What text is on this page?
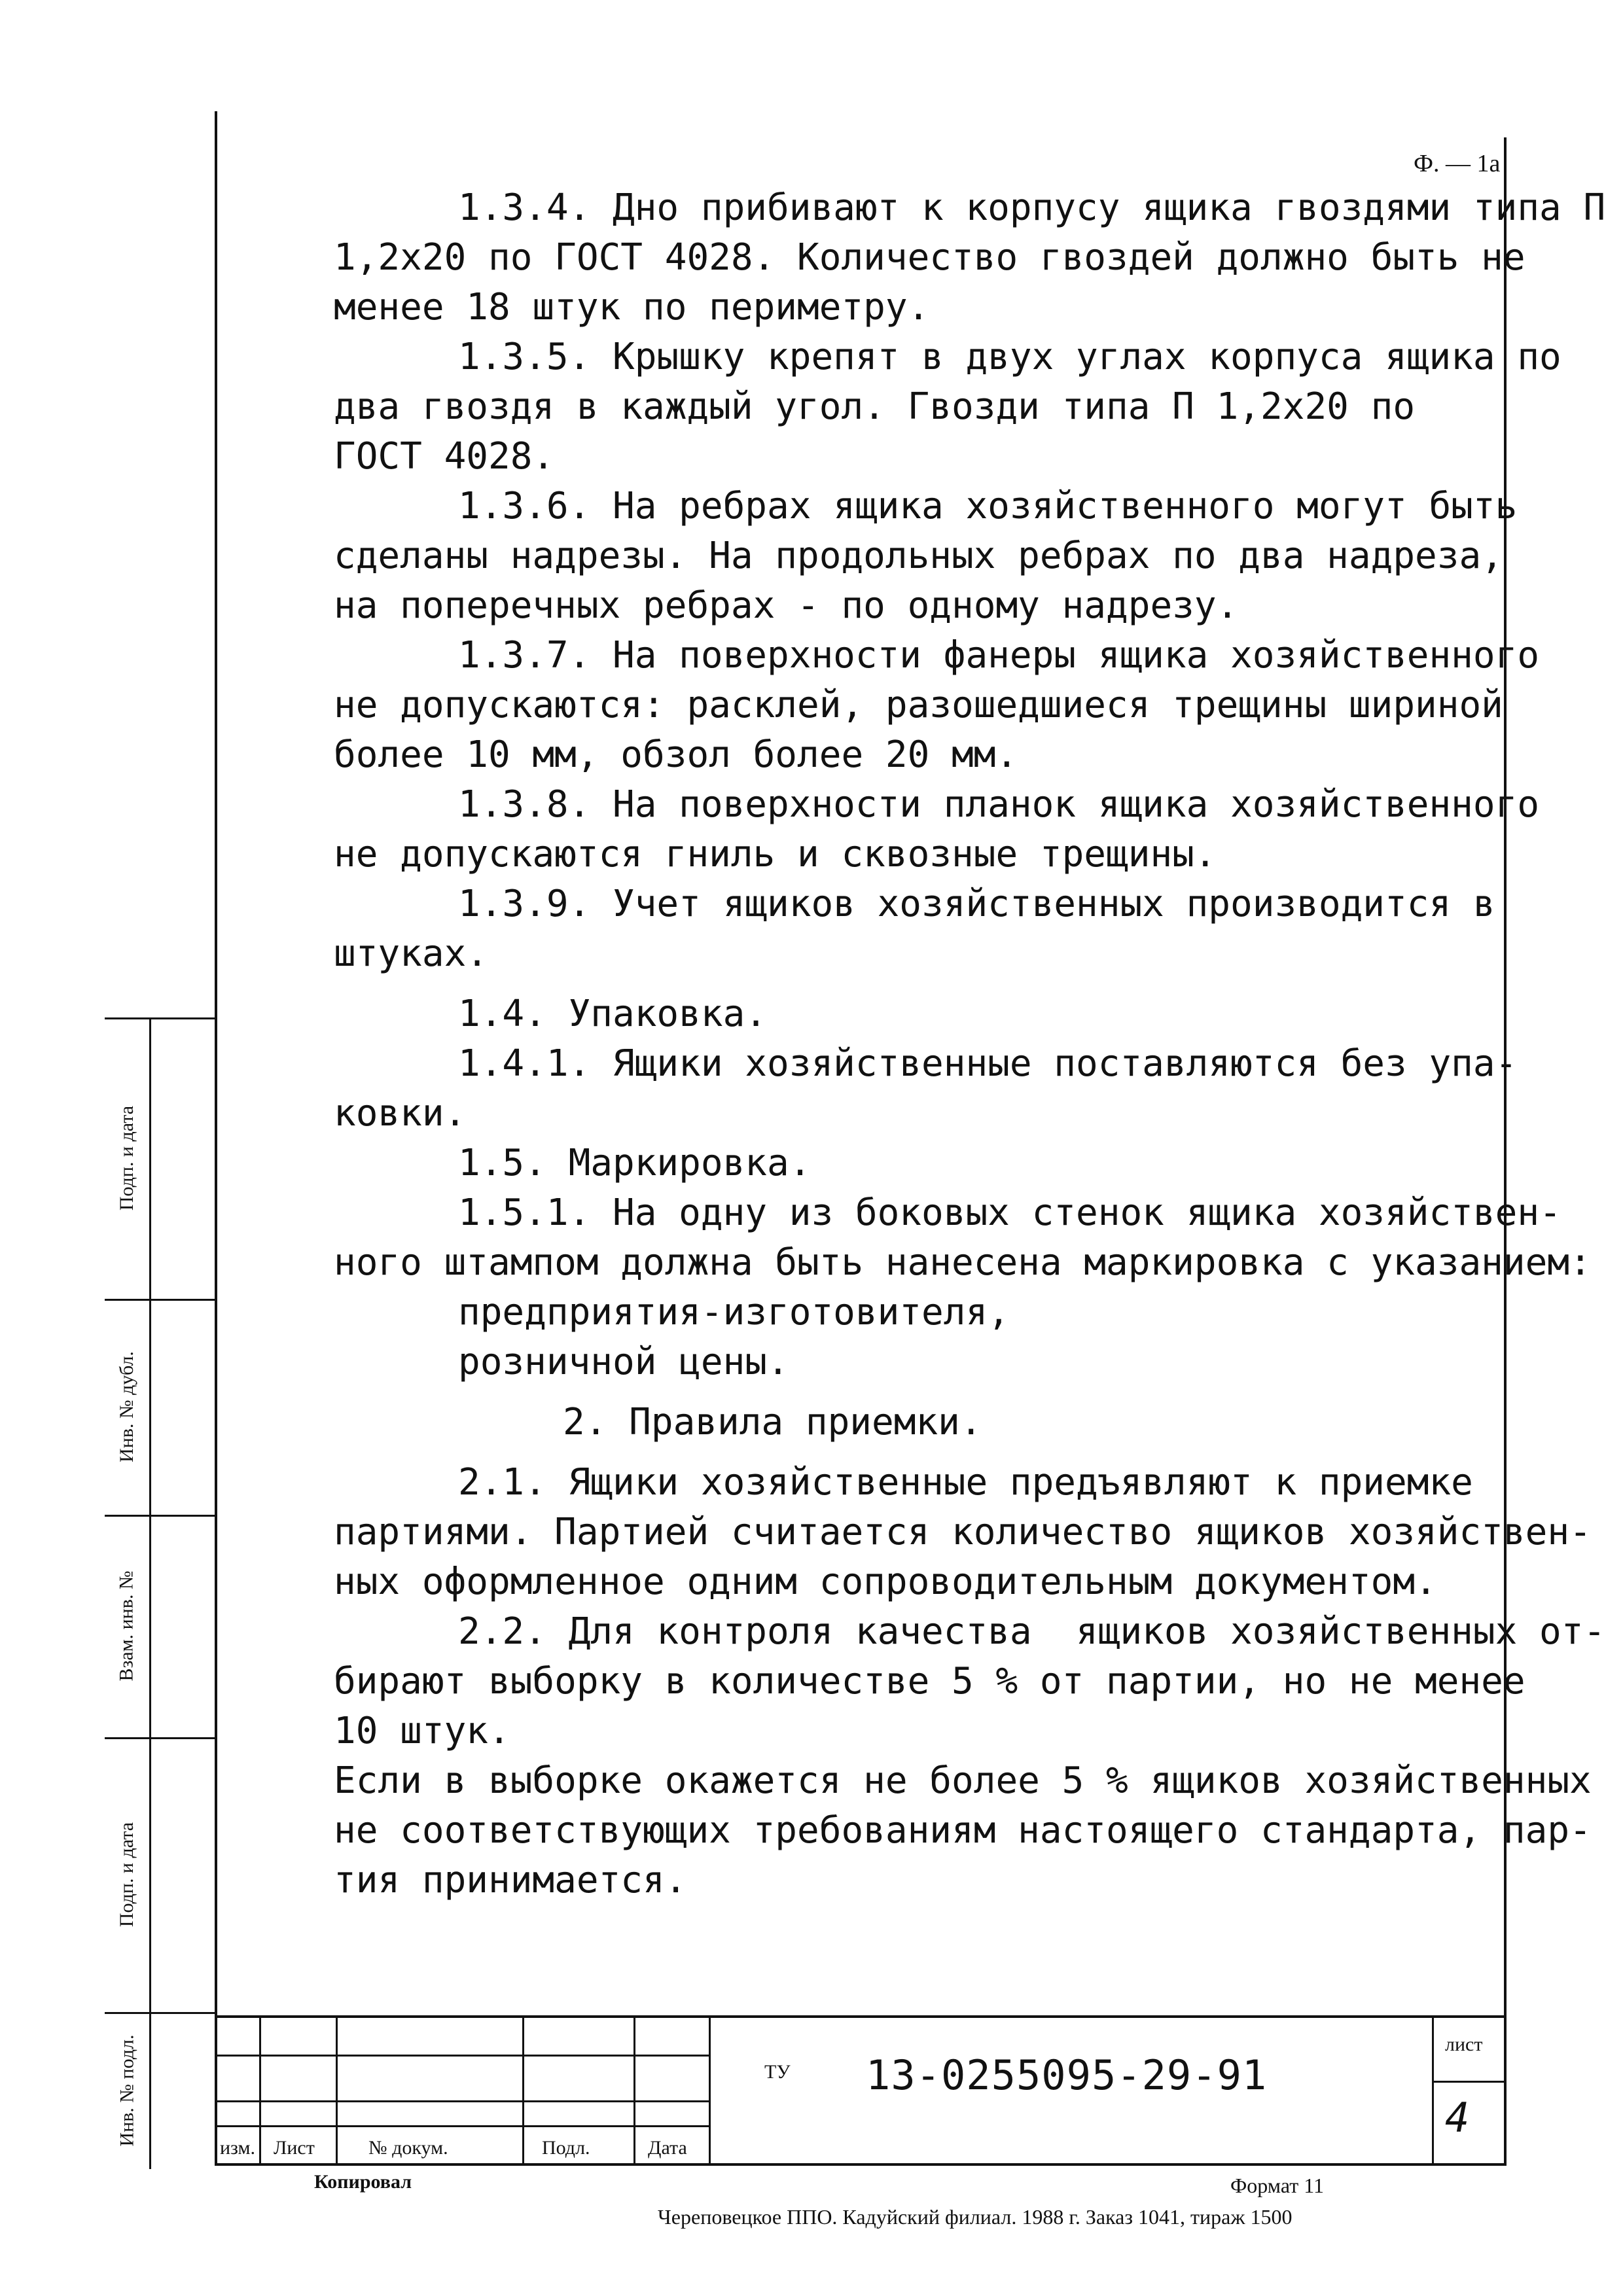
Ф. — 1а
1.3.4. Дно прибивают к корпусу ящика гвоздями типа П
1,2х20 по ГОСТ 4028. Количество гвоздей должно быть не
менее 18 штук по периметру.
1.3.5. Крышку крепят в двух углах корпуса ящика по
два гвоздя в каждый угол. Гвозди типа П 1,2х20 по
ГОСТ 4028.
1.3.6. На ребрах ящика хозяйственного могут быть
сделаны надрезы. На продольных ребрах по два надреза,
на поперечных ребрах - по одному надрезу.
1.3.7. На поверхности фанеры ящика хозяйственного
не допускаются: расклей, разошедшиеся трещины шириной
более 10 мм, обзол более 20 мм.
1.3.8. На поверхности планок ящика хозяйственного
не допускаются гниль и сквозные трещины.
1.3.9. Учет ящиков хозяйственных производится в
штуках.
1.4. Упаковка.
1.4.1. Ящики хозяйственные поставляются без упа-
ковки.
1.5. Маркировка.
1.5.1. На одну из боковых стенок ящика хозяйствен-
ного штампом должна быть нанесена маркировка с указанием:
предприятия-изготовителя,
розничной цены.
2. Правила приемки.
2.1. Ящики хозяйственные предъявляют к приемке
партиями. Партией считается количество ящиков хозяйствен-
ных оформленное одним сопроводительным документом.
2.2. Для контроля качества  ящиков хозяйственных от-
бирают выборку в количестве 5 % от партии, но не менее
10 штук.
Если в выборке окажется не более 5 % ящиков хозяйственных
не соответствующих требованиям настоящего стандарта, пар-
тия принимается.
Подп. и дата
Инв. № дубл.
Взам. инв. №
Подп. и дата
Инв. № подл.
изм. Лист	№ докум.	Подл.	Дата
ТУ 13-0255095-29-91
лист
4
Копировал	Формат 11
Череповецкое ППО. Кадуйский филиал. 1988 г. Заказ 1041, тираж 1500
